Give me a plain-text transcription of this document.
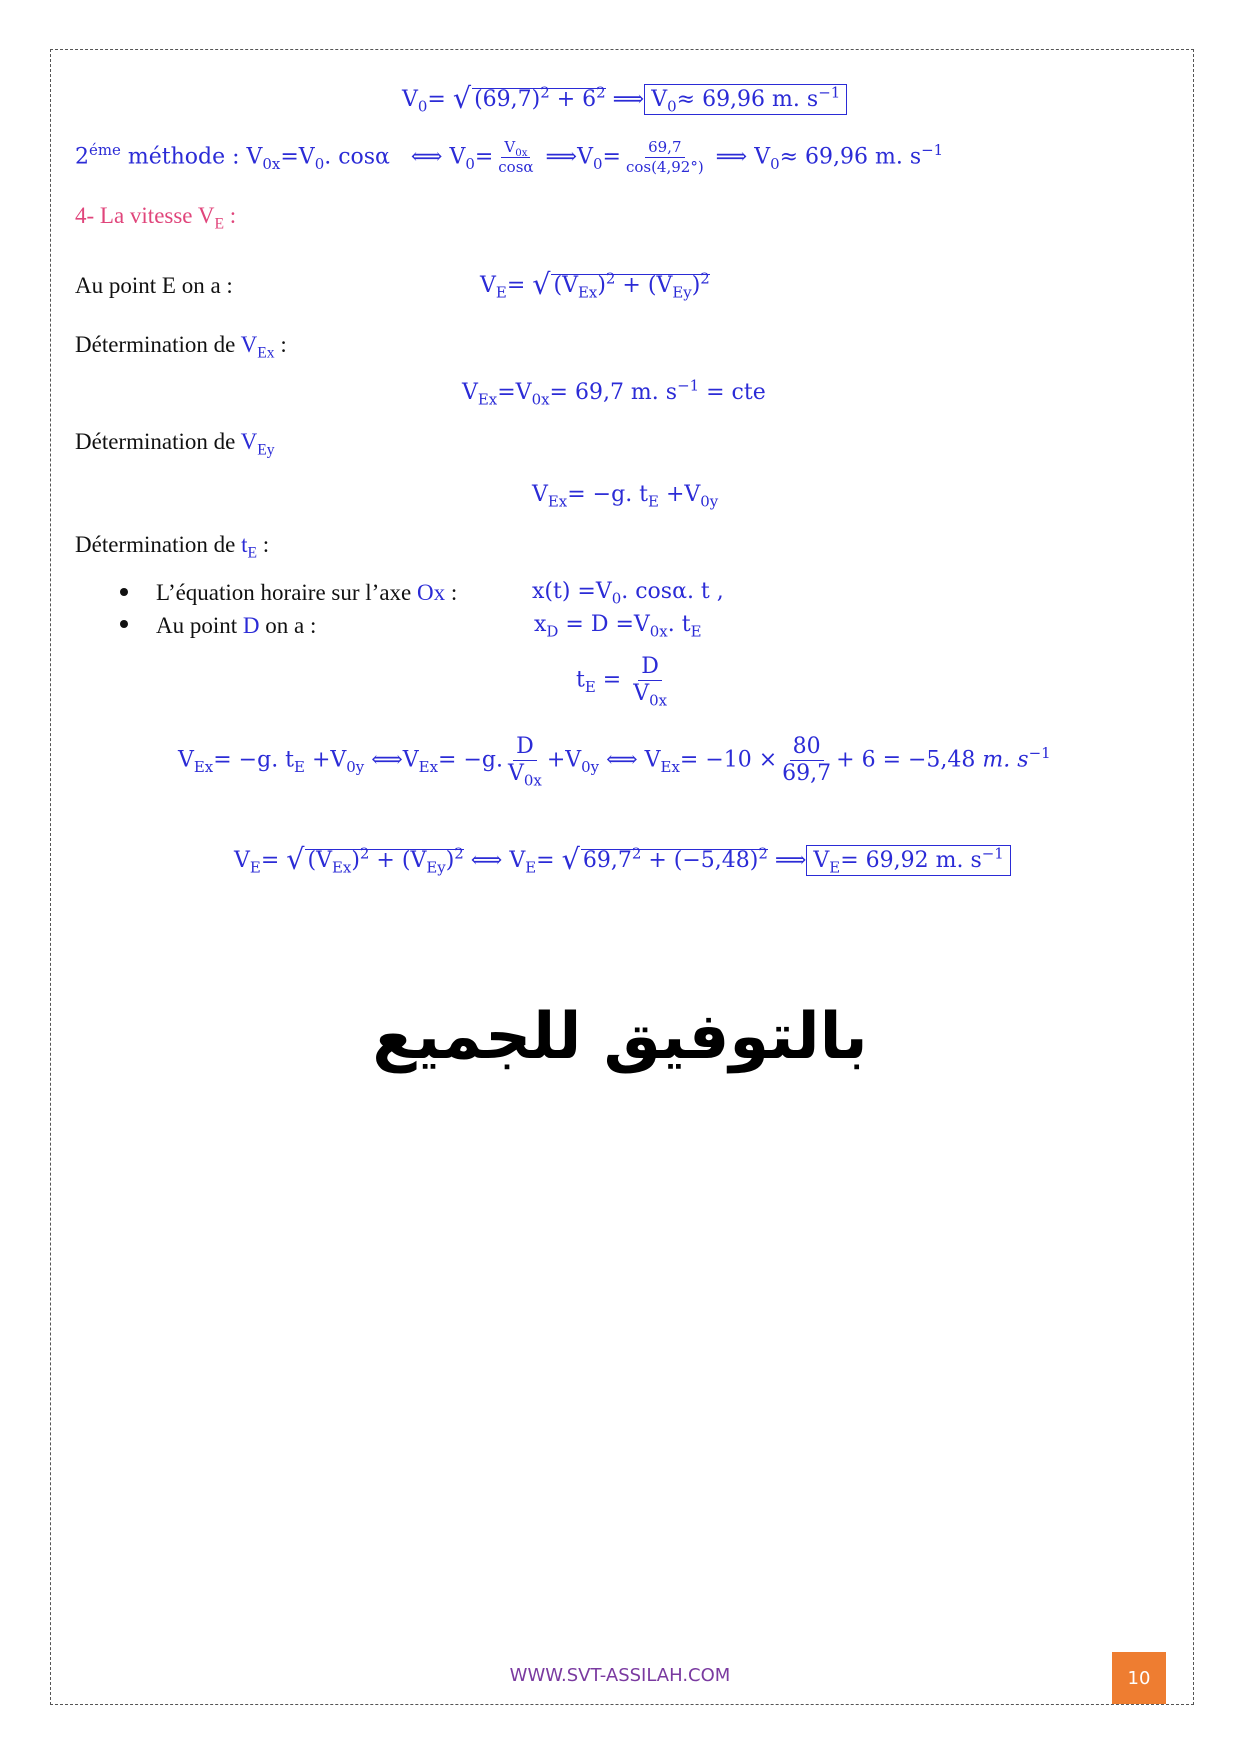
$V_0=$ √ $(69,7)^2 + 6^2$ ⟹ $V_0\approx 69,96$ m. $s^{-1}$
$2^{éme}$ méthode : $V_{0x}=V_0$. cosα ⟺ $V_0= \frac{V_{0x}}{\cos\alpha}$ $⟹V_0= \frac{69,7}{\cos(4,92^\circ)}$ ⟹ $V_0\approx 69,96$ m. $s^{-1}$
4- La vitesse $V_E$ :
Au point E on a :	$V_E=$ √ $(V_{Ex})^2 + (V_{Ey})^2$
Détermination de $V_{Ex}$ :
$V_{Ex}=V_{0x}= 69,7$ m. $s^{-1}$ = cte
Détermination de $V_{Ey}$
$V_{Ex}= -g$. $t_E +V_{0y}$
Détermination de $t_E$ :
L’équation horaire sur l’axe Ox :	$x(t) =V_0$. cosα. t ,
Au point D on a :	$x_D = D =V_{0x}$. $t_E$
$t_E = \frac{D}{V_{0x}}$
$V_{Ex}= -g$. $t_E +V_{0y}$ $⟺V_{Ex}= -g$. $\frac{D}{V_{0x}} +V_{0y}$ ⟺ $V_{Ex}= -10 \times \frac{80}{69,7} + 6 = -5,48$ m. $s^{-1}$
$V_E=$ √ $(V_{Ex})^2 + (V_{Ey})^2$ ⟺ $V_E=$ √ $69,7^2 + (-5,48)^2$ ⟹ $V_E= 69,92$ m. $s^{-1}$
بالتوفيق للجميع
WWW.SVT-ASSILAH.COM	10
